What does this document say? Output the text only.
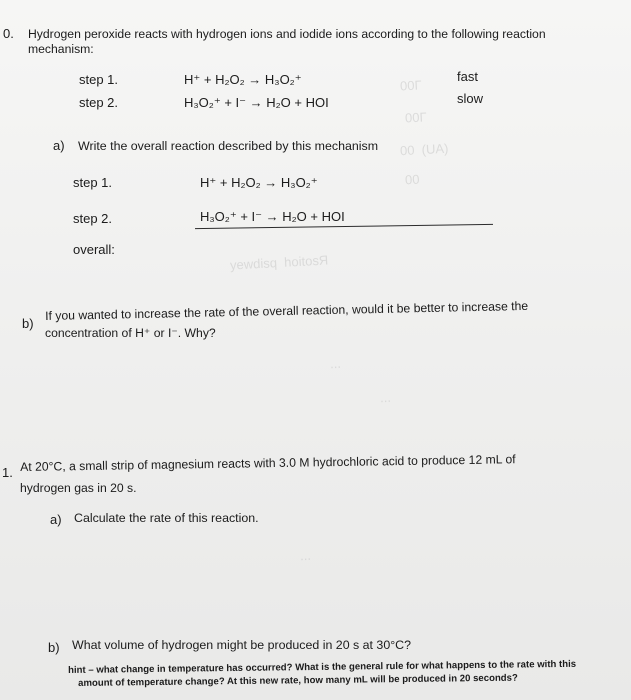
00Г
00Г
00  (UA)
00
yewdisq  hoitosЯ
...
...
...
0. Hydrogen peroxide reacts with hydrogen ions and iodide ions according to the following reaction
mechanism:
step 1.	H⁺ + H₂O₂ → H₃O₂⁺	fast
step 2.	H₃O₂⁺ + I⁻ → H₂O + HOI	slow
a) Write the overall reaction described by this mechanism
step 1.	H⁺ + H₂O₂ → H₃O₂⁺
step 2.	H₃O₂⁺ + I⁻ → H₂O + HOI
overall:
b)
If you wanted to increase the rate of the overall reaction, would it be better to increase the
concentration of H⁺ or I⁻. Why?
1. At 20°C, a small strip of magnesium reacts with 3.0 M hydrochloric acid to produce 12 mL of
hydrogen gas in 20 s.
a) Calculate the rate of this reaction.
b) What volume of hydrogen might be produced in 20 s at 30°C?
hint – what change in temperature has occurred? What is the general rule for what happens to the rate with this
amount of temperature change? At this new rate, how many mL will be produced in 20 seconds?
